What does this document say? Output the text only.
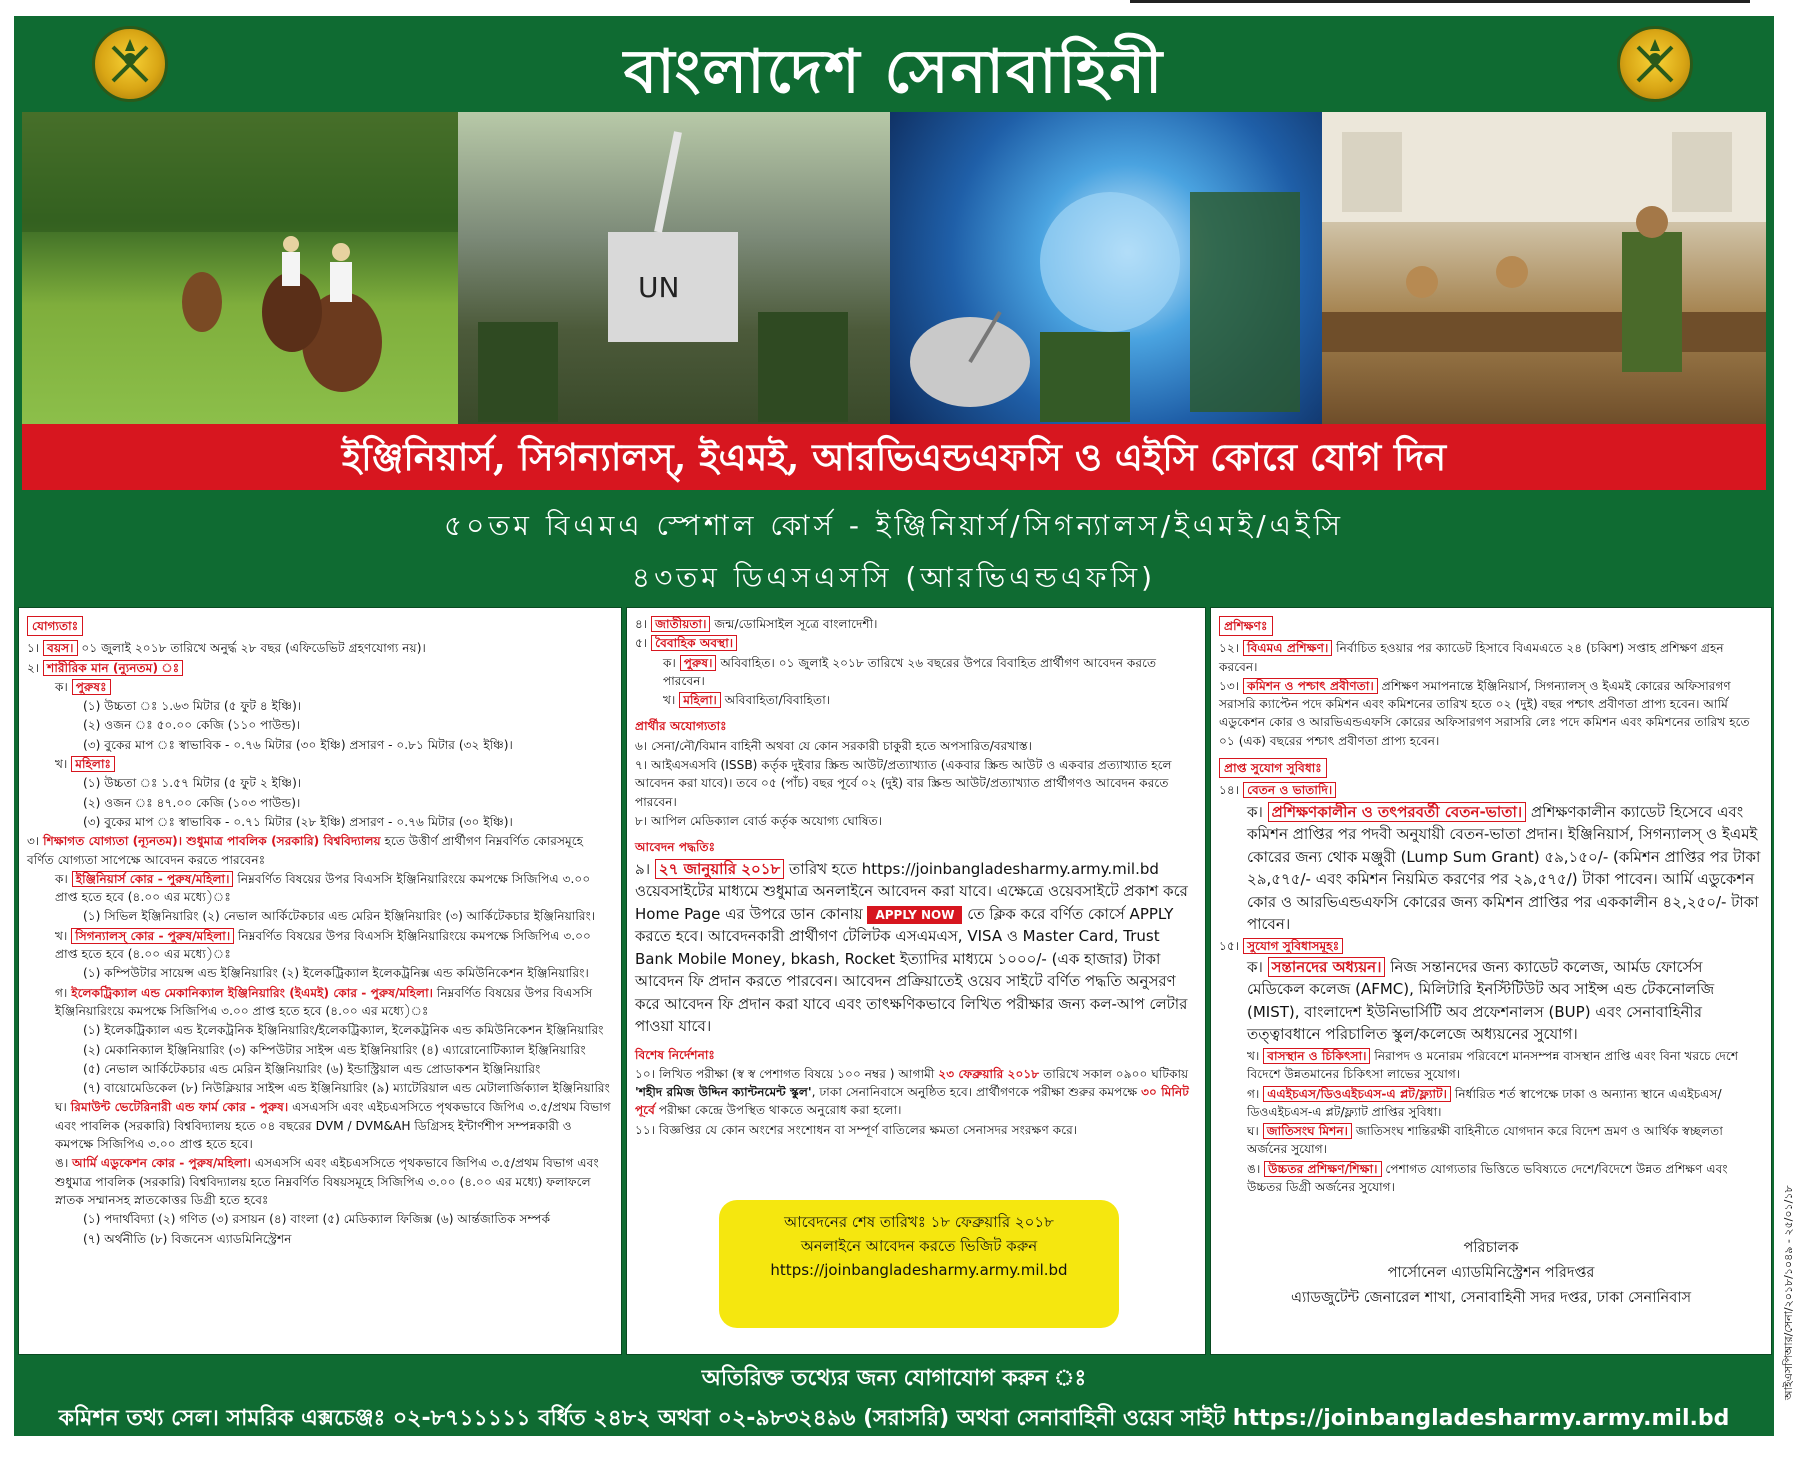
বাংলাদেশ সেনাবাহিনী
UN
ইঞ্জিনিয়ার্স, সিগন্যালস্‌, ইএমই, আরভিএন্ডএফসি ও এইসি কোরে যোগ দিন
৫০তম বিএমএ স্পেশাল কোর্স - ইঞ্জিনিয়ার্স/সিগন্যালস/ইএমই/এইসি
৪৩তম ডিএসএসসি (আরভিএন্ডএফসি)
যোগ্যতাঃ
১। বয়স। ০১ জুলাই ২০১৮ তারিখে অনুর্দ্ধ ২৮ বছর (এফিডেভিট গ্রহণযোগ্য নয়)।
২। শারীরিক মান (ন্যুনতম) ঃ
ক। পুরুষঃ
(১) উচ্চতা ঃ ১.৬৩ মিটার (৫ ফুট ৪ ইঞ্চি)।
(২) ওজন ঃ ৫০.০০ কেজি (১১০ পাউন্ড)।
(৩) বুকের মাপ ঃ স্বাভাবিক - ০.৭৬ মিটার (৩০ ইঞ্চি) প্রসারণ - ০.৮১ মিটার (৩২ ইঞ্চি)।
খ। মহিলাঃ
(১) উচ্চতা ঃ ১.৫৭ মিটার (৫ ফুট ২ ইঞ্চি)।
(২) ওজন ঃ ৪৭.০০ কেজি (১০৩ পাউন্ড)।
(৩) বুকের মাপ ঃ স্বাভাবিক - ০.৭১ মিটার (২৮ ইঞ্চি) প্রসারণ - ০.৭৬ মিটার (৩০ ইঞ্চি)।
৩। শিক্ষাগত যোগ্যতা (ন্যূনতম)। শুধুমাত্র পাবলিক (সরকারি) বিশ্ববিদ্যালয় হতে উত্তীর্ণ প্রার্থীগণ নিম্নবর্ণিত কোরসমূহে বর্ণিত যোগ্যতা সাপেক্ষে আবেদন করতে পারবেনঃ
ক। ইঞ্জিনিয়ার্স কোর - পুরুষ/মহিলা। নিম্নবর্ণিত বিষয়ের উপর বিএসসি ইঞ্জিনিয়ারিংয়ে কমপক্ষে সিজিপিএ ৩.০০ প্রাপ্ত হতে হবে (৪.০০ এর মধ্যে)ঃ
(১) সিভিল ইঞ্জিনিয়ারিং (২) নেভাল আর্কিটেকচার এন্ড মেরিন ইঞ্জিনিয়ারিং (৩) আর্কিটেকচার ইঞ্জিনিয়ারিং।
খ। সিগন্যালস্‌ কোর - পুরুষ/মহিলা। নিম্নবর্ণিত বিষয়ের উপর বিএসসি ইঞ্জিনিয়ারিংয়ে কমপক্ষে সিজিপিএ ৩.০০ প্রাপ্ত হতে হবে (৪.০০ এর মধ্যে)ঃ
(১) কম্পিউটার সায়েন্স এন্ড ইঞ্জিনিয়ারিং (২) ইলেকট্রিক্যাল ইলেকট্রনিক্স এন্ড কমিউনিকেশন ইঞ্জিনিয়ারিং।
গ। ইলেকট্রিক্যাল এন্ড মেকানিক্যাল ইঞ্জিনিয়ারিং (ইএমই) কোর - পুরুষ/মহিলা। নিম্নবর্ণিত বিষয়ের উপর বিএসসি ইঞ্জিনিয়ারিংয়ে কমপক্ষে সিজিপিএ ৩.০০ প্রাপ্ত হতে হবে (৪.০০ এর মধ্যে)ঃ
(১) ইলেকট্রিক্যাল এন্ড ইলেকট্রনিক ইঞ্জিনিয়ারিং/ইলেকট্রিক্যাল, ইলেকট্রনিক এন্ড কমিউনিকেশন ইঞ্জিনিয়ারিং
(২) মেকানিক্যাল ইঞ্জিনিয়ারিং (৩) কম্পিউটার সাইন্স এন্ড ইঞ্জিনিয়ারিং (৪) এ্যারোনোটিক্যাল ইঞ্জিনিয়ারিং
(৫) নেভাল আর্কিটেকচার এন্ড মেরিন ইঞ্জিনিয়ারিং (৬) ইন্ডাস্ট্রিয়াল এন্ড প্রোডাকশন ইঞ্জিনিয়ারিং
(৭) বায়োমেডিকেল (৮) নিউক্লিয়ার সাইন্স এন্ড ইঞ্জিনিয়ারিং (৯) ম্যাটেরিয়াল এন্ড মেটালার্জিক্যাল ইঞ্জিনিয়ারিং
ঘ। রিমাউন্ট ভেটেরিনারী এন্ড ফার্ম কোর - পুরুষ। এসএসসি এবং এইচএসসিতে পৃথকভাবে জিপিএ ৩.৫/প্রথম বিভাগ এবং পাবলিক (সরকারি) বিশ্ববিদ্যালয় হতে ০৪ বছরের DVM / DVM&AH ডিগ্রিসহ ইন্টার্ণশীপ সম্পন্নকারী ও কমপক্ষে সিজিপিএ ৩.০০ প্রাপ্ত হতে হবে।
ঙ। আর্মি এডুকেশন কোর - পুরুষ/মহিলা। এসএসসি এবং এইচএসসিতে পৃথকভাবে জিপিএ ৩.৫/প্রথম বিভাগ এবং শুধুমাত্র পাবলিক (সরকারি) বিশ্ববিদ্যালয় হতে নিম্নবর্ণিত বিষয়সমূহে সিজিপিএ ৩.০০ (৪.০০ এর মধ্যে) ফলাফলে স্নাতক সম্মানসহ স্নাতকোত্তর ডিগ্রী হতে হবেঃ
(১) পদার্থবিদ্যা (২) গণিত (৩) রসায়ন (৪) বাংলা (৫) মেডিক্যাল ফিজিক্স (৬) আর্ন্তজাতিক সম্পর্ক
(৭) অর্থনীতি (৮) বিজনেস এ্যাডমিনিস্ট্রেশন
৪। জাতীয়তা। জন্ম/ডোমিসাইল সূত্রে বাংলাদেশী।
৫। বৈবাহিক অবস্থা।
ক। পুরুষ। অবিবাহিত। ০১ জুলাই ২০১৮ তারিখে ২৬ বছরের উপরে বিবাহিত প্রার্থীগণ আবেদন করতে পারবেন।
খ। মহিলা। অবিবাহিতা/বিবাহিতা।
প্রার্থীর অযোগ্যতাঃ
৬। সেনা/নৌ/বিমান বাহিনী অথবা যে কোন সরকারী চাকুরী হতে অপসারিত/বরখাস্ত।
৭। আইএসএসবি (ISSB) কর্তৃক দুইবার স্ক্রিন্ড আউট/প্রত্যাখ্যাত (একবার স্ক্রিন্ড আউট ও একবার প্রত্যাখ্যাত হলে আবেদন করা যাবে)। তবে ০৫ (পাঁচ) বছর পূর্বে ০২ (দুই) বার স্ক্রিন্ড আউট/প্রত্যাখ্যাত প্রার্থীগণও আবেদন করতে পারবেন।
৮। আপিল মেডিক্যাল বোর্ড কর্তৃক অযোগ্য ঘোষিত।
আবেদন পদ্ধতিঃ
৯। ২৭ জানুয়ারি ২০১৮ তারিখ হতে https://joinbangladesharmy.army.mil.bd ওয়েবসাইটের মাধ্যমে শুধুমাত্র অনলাইনে আবেদন করা যাবে। এক্ষেত্রে ওয়েবসাইটে প্রকাশ করে Home Page এর উপরে ডান কোনায় APPLY NOW তে ক্লিক করে বর্ণিত কোর্সে APPLY করতে হবে। আবেদনকারী প্রার্থীগণ টেলিটক এসএমএস, VISA ও Master Card, Trust Bank Mobile Money, bkash, Rocket ইত্যাদির মাধ্যমে ১০০০/- (এক হাজার) টাকা আবেদন ফি প্রদান করতে পারবেন। আবেদন প্রক্রিয়াতেই ওয়েব সাইটে বর্ণিত পদ্ধতি অনুসরণ করে আবেদন ফি প্রদান করা যাবে এবং তাৎক্ষণিকভাবে লিখিত পরীক্ষার জন্য কল-আপ লেটার পাওয়া যাবে।
বিশেষ নির্দেশনাঃ
১০। লিখিত পরীক্ষা (স্ব স্ব পেশাগত বিষয়ে ১০০ নম্বর ) আগামী ২৩ ফেব্রুয়ারি ২০১৮ তারিখে সকাল ০৯০০ ঘটিকায় 'শহীদ রমিজ উদ্দিন ক্যান্টনমেন্ট স্কুল', ঢাকা সেনানিবাসে অনুষ্ঠিত হবে। প্রার্থীগণকে পরীক্ষা শুরুর কমপক্ষে ৩০ মিনিট পূর্বে পরীক্ষা কেন্দ্রে উপস্থিত থাকতে অনুরোধ করা হলো।
১১। বিজ্ঞপ্তির যে কোন অংশের সংশোধন বা সম্পূর্ণ বাতিলের ক্ষমতা সেনাসদর সংরক্ষণ করে।
আবেদনের শেষ তারিখঃ ১৮ ফেব্রুয়ারি ২০১৮
অনলাইনে আবেদন করতে ভিজিট করুন
https://joinbangladesharmy.army.mil.bd
প্রশিক্ষণঃ
১২। বিএমএ প্রশিক্ষণ। নির্বাচিত হওয়ার পর ক্যাডেট হিসাবে বিএমএতে ২৪ (চব্বিশ) সপ্তাহ প্রশিক্ষণ গ্রহন করবেন।
১৩। কমিশন ও পশ্চাৎ প্রবীণতা। প্রশিক্ষণ সমাপনান্তে ইঞ্জিনিয়ার্স, সিগন্যালস্‌ ও ইএমই কোরের অফিসারগণ সরাসরি ক্যাপ্টেন পদে কমিশন এবং কমিশনের তারিখ হতে ০২ (দুই) বছর পশ্চাৎ প্রবীণতা প্রাপ্য হবেন। আর্মি এডুকেশন কোর ও আরভিএন্ডএফসি কোরের অফিসারগণ সরাসরি লেঃ পদে কমিশন এবং কমিশনের তারিখ হতে ০১ (এক) বছরের পশ্চাৎ প্রবীণতা প্রাপ্য হবেন।
প্রাপ্ত সুযোগ সুবিধাঃ
১৪। বেতন ও ভাতাদি।
ক। প্রশিক্ষণকালীন ও তৎপরবর্তী বেতন-ভাতা। প্রশিক্ষণকালীন ক্যাডেট হিসেবে এবং কমিশন প্রাপ্তির পর পদবী অনুযায়ী বেতন-ভাতা প্রদান। ইঞ্জিনিয়ার্স, সিগন্যালস্‌ ও ইএমই কোরের জন্য থোক মঞ্জুরী (Lump Sum Grant) ৫৯,১৫০/- (কমিশন প্রাপ্তির পর টাকা ২৯,৫৭৫/- এবং কমিশন নিয়মিত করণের পর ২৯,৫৭৫/) টাকা পাবেন। আর্মি এডুকেশন কোর ও আরভিএন্ডএফসি কোরের জন্য কমিশন প্রাপ্তির পর এককালীন ৪২,২৫০/- টাকা পাবেন।
১৫। সুযোগ সুবিধাসমূহঃ
ক। সন্তানদের অধ্যয়ন। নিজ সন্তানদের জন্য ক্যাডেট কলেজ, আর্মড ফোর্সেস মেডিকেল কলেজ (AFMC), মিলিটারি ইনস্টিটিউট অব সাইন্স এন্ড টেকনোলজি (MIST), বাংলাদেশ ইউনিভার্সিটি অব প্রফেশনালস (BUP) এবং সেনাবাহিনীর তত্ত্বাবধানে পরিচালিত স্কুল/কলেজে অধ্যয়নের সুযোগ।
খ। বাসস্থান ও চিকিৎসা। নিরাপদ ও মনোরম পরিবেশে মানসম্পন্ন বাসস্থান প্রাপ্তি এবং বিনা খরচে দেশে বিদেশে উন্নতমানের চিকিৎসা লাভের সুযোগ।
গ। এএইচএস/ডিওএইচএস-এ প্লট/ফ্ল্যাট। নির্ধারিত শর্ত স্বাপেক্ষে ঢাকা ও অন্যান্য স্থানে এএইচএস/ডিওএইচএস-এ প্লট/ফ্ল্যাট প্রাপ্তির সুবিধা।
ঘ। জাতিসংঘ মিশন। জাতিসংঘ শান্তিরক্ষী বাহিনীতে যোগদান করে বিদেশ ভ্রমণ ও আর্থিক স্বচ্ছলতা অর্জনের সুযোগ।
ঙ। উচ্চতর প্রশিক্ষণ/শিক্ষা। পেশাগত যোগ্যতার ভিত্তিতে ভবিষ্যতে দেশে/বিদেশে উন্নত প্রশিক্ষণ এবং উচ্চতর ডিগ্রী অর্জনের সুযোগ।
পরিচালক
পার্সোনেল এ্যাডমিনিস্ট্রেশন পরিদপ্তর
এ্যাডজুটেন্ট জেনারেল শাখা, সেনাবাহিনী সদর দপ্তর, ঢাকা সেনানিবাস
অতিরিক্ত তথ্যের জন্য যোগাযোগ করুন ঃ
কমিশন তথ্য সেল। সামরিক এক্সচেঞ্জঃ ০২-৮৭১১১১১ বর্ধিত ২৪৮২ অথবা ০২-৯৮৩২৪৯৬ (সরাসরি) অথবা সেনাবাহিনী ওয়েব সাইট https://joinbangladesharmy.army.mil.bd
আইএসপিআর/সেনা/২০১৮/১০৪৯ - ২৫/০১/১৮
